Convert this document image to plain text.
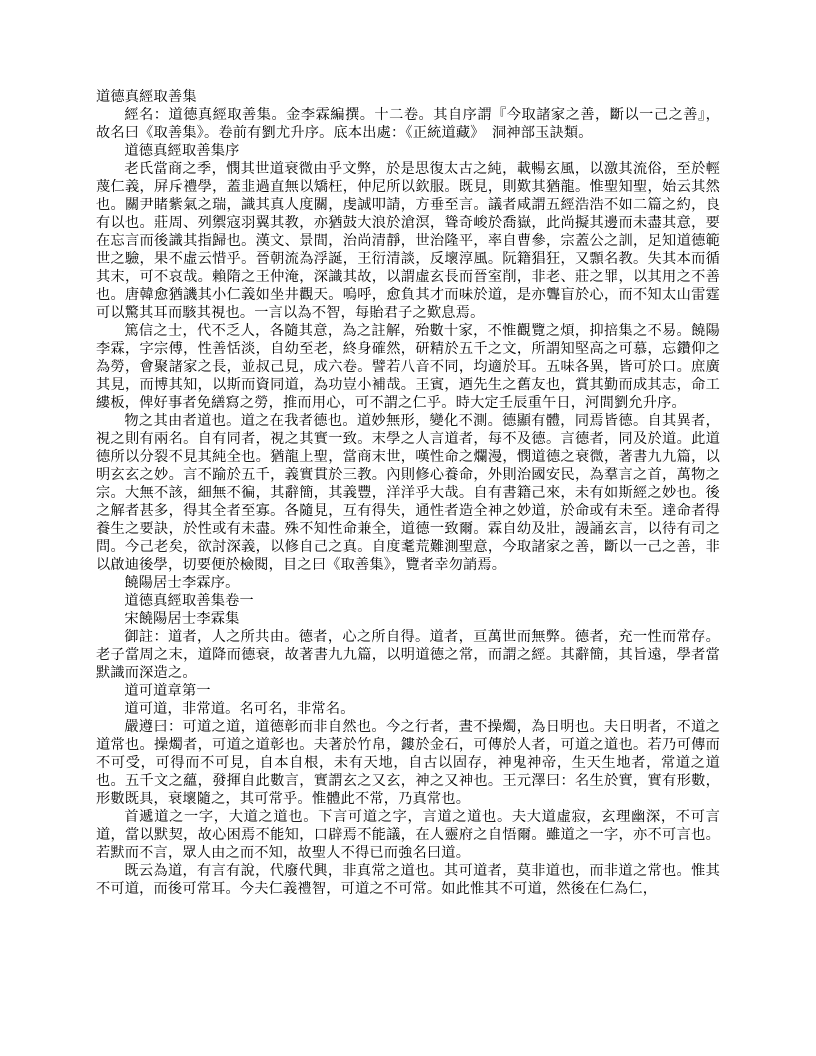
道德真經取善集

經名：道德真經取善集。金李霖編撰。十二卷。其自序謂『今取諸家之善，斷以一己之善』，故名曰《取善集》。卷前有劉尤升序。底本出處：《正統道藏》　洞神部玉訣類。

道德真經取善集序

老氏當商之季，憫其世道衰微由乎文弊，於是思復太古之純，載暢玄風，以激其流俗，至於輕蔑仁義，屏斥禮學，蓋韭過直無以矯枉，仲尼所以欽服。既見，則歎其猶龍。惟聖知聖，始云其然也。關尹睹紫氣之瑞，識其真人度關，虔誠叩請，方垂至言。議者咸謂五經浩浩不如二篇之約，良有以也。莊周、列禦寇羽翼其教，亦猶鼓大浪於滄溟，聳奇峻於喬嶽，此尚擬其邊而未盡其意，要在忘言而後識其指歸也。漢文、景間，治尚清靜，世治隆平，率自曹參，宗蓋公之訓，足知道德範世之驗，果不虛云惜乎。晉朝流為浮誕，王衍清談，反壞淳風。阮籍猖狂，又顠名教。失其本而循其末，可不哀哉。賴隋之王仲淹，深識其故，以謂虛玄長而晉室削，非老、莊之罪，以其用之不善也。唐韓愈猶譏其小仁義如坐井觀天。嗚呼，愈負其才而味於道，是亦聾盲於心，而不知太山雷霆可以驚其耳而駭其視也。一言以為不智，每貽君子之歎息焉。

篤信之士，代不乏人，各隨其意，為之註解，殆數十家，不惟觀覽之煩，抑掊集之不易。饒陽李霖，字宗傅，性善恬淡，自幼至老，終身確然，研精於五千之文，所謂知堅高之可慕，忘鑽仰之為勞，會聚諸家之長，並叔己見，成六卷。譬若八音不同，均適於耳。五味各異，皆可於口。庶廣其見，而博其知，以斯而資同道，為功豈小補哉。王賓，迺先生之舊友也，賞其勤而成其志，命工縷板，俾好事者免繕寫之勞，推而用心，可不謂之仁乎。時大定壬辰重午日，河間劉允升序。

物之其由者道也。道之在我者德也。道妙無形，變化不測。德顯有體，同焉皆德。自其異者，視之則有兩名。自有同者，視之其實一致。末學之人言道者，每不及德。言德者，同及於道。此道德所以分裂不見其純全也。猶龍上聖，當商末世，嘆性命之爛漫，憫道德之衰微，著書九九篇，以明玄玄之妙。言不踰於五千，義實貫於三教。內則修心養命，外則治國安民，為羣言之首，萬物之宗。大無不該，細無不徧，其辭簡，其義豐，洋洋乎大哉。自有書籍己來，未有如斯經之妙也。後之解者甚多，得其全者至寡。各隨見，互有得失，通性者造全神之妙道，於命或有未至。達命者得養生之要訣，於性或有未盡。殊不知性命兼全，道德一致爾。霖自幼及壯，謾誦玄言，以待有司之問。今己老矣，欲討深義，以修自己之真。自度耄荒難測聖意，今取諸家之善，斷以一己之善，非以啟迪後學，切要便於檢閱，目之曰《取善集》，覽者幸勿誚焉。

饒陽居士李霖序。

道德真經取善集卷一

宋饒陽居士李霖集

御註：道者，人之所共由。德者，心之所自得。道者，亘萬世而無弊。德者，充一性而常存。老子當周之末，道降而德衰，故著書九九篇，以明道德之常，而謂之經。其辭簡，其旨遠，學者當默識而深造之。

道可道章第一

道可道，非常道。名可名，非常名。

嚴遵曰：可道之道，道德彰而非自然也。今之行者，晝不操燭，為日明也。夫日明者，不道之道常也。操燭者，可道之道彰也。夫著於竹帛，鏤於金石，可傳於人者，可道之道也。若乃可傳而不可受，可得而不可見，自本自根，未有天地，自古以固存，神鬼神帝，生天生地者，常道之道也。五千文之蘊，發揮自此數言，實謂玄之又玄，神之又神也。王元澤曰：名生於實，實有形數，形數既具，衰壞隨之，其可常乎。惟體此不常，乃真常也。

首遞道之一字，大道之道也。下言可道之字，言道之道也。夫大道虛寂，玄理幽深，不可言道，當以默契，故心困焉不能知，口辟焉不能議，在人靈府之自悟爾。雖道之一字，亦不可言也。若默而不言，眾人由之而不知，故聖人不得已而強名曰道。

既云為道，有言有說，代廢代興，非真常之道也。其可道者，莫非道也，而非道之常也。惟其不可道，而後可常耳。今夫仁義禮智，可道之不可常。如此惟其不可道，然後在仁為仁，
